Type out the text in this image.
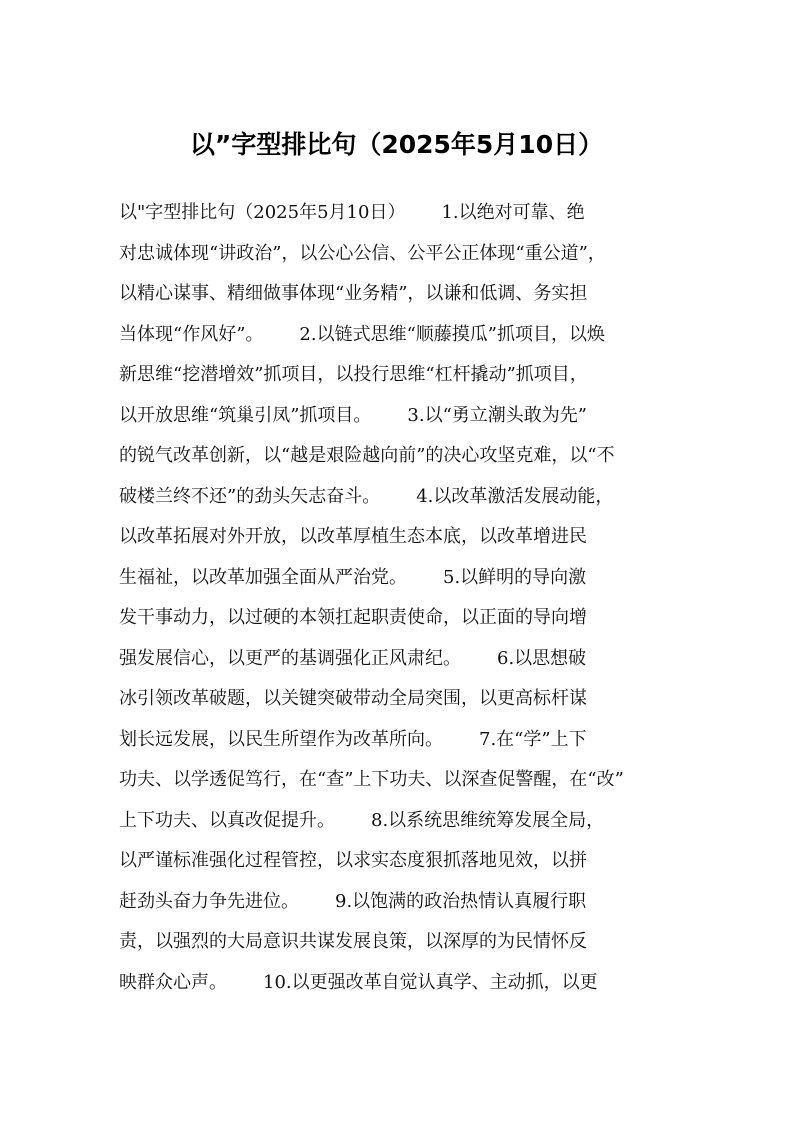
以”字型排比句（2025年5月10日）
以"字型排比句（2025年5月10日） 1.以绝对可靠、绝
对忠诚体现“讲政治”，以公心公信、公平公正体现“重公道”，
以精心谋事、精细做事体现“业务精”，以谦和低调、务实担
当体现“作风好”。 2.以链式思维“顺藤摸瓜”抓项目，以焕
新思维“挖潜增效”抓项目，以投行思维“杠杆撬动”抓项目，
以开放思维“筑巢引凤”抓项目。 3.以“勇立潮头敢为先”
的锐气改革创新，以“越是艰险越向前”的决心攻坚克难，以“不
破楼兰终不还”的劲头矢志奋斗。 4.以改革激活发展动能，
以改革拓展对外开放，以改革厚植生态本底，以改革增进民
生福祉，以改革加强全面从严治党。 5.以鲜明的导向激
发干事动力，以过硬的本领扛起职责使命，以正面的导向增
强发展信心，以更严的基调强化正风肃纪。 6.以思想破
冰引领改革破题，以关键突破带动全局突围，以更高标杆谋
划长远发展，以民生所望作为改革所向。 7.在“学”上下
功夫、以学透促笃行，在“查”上下功夫、以深查促警醒，在“改”
上下功夫、以真改促提升。 8.以系统思维统筹发展全局，
以严谨标准强化过程管控，以求实态度狠抓落地见效，以拼
赶劲头奋力争先进位。 9.以饱满的政治热情认真履行职
责，以强烈的大局意识共谋发展良策，以深厚的为民情怀反
映群众心声。 10.以更强改革自觉认真学、主动抓，以更
